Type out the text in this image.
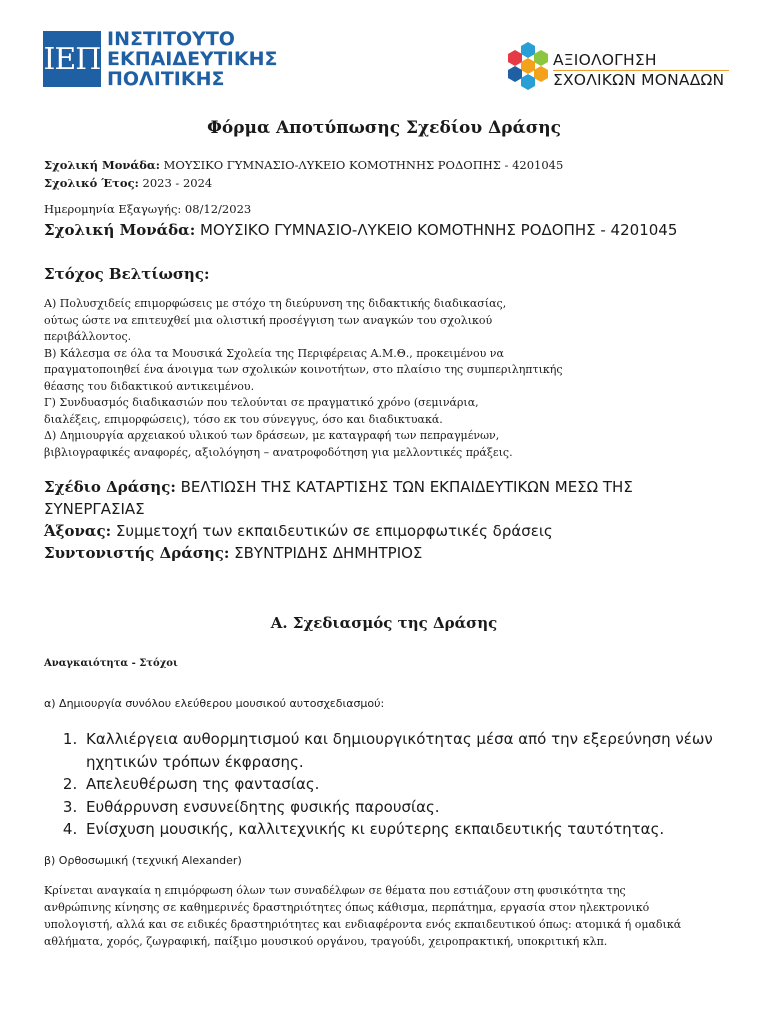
ΙΕΠ
ΙΝΣΤΙΤΟΥΤΟ
ΕΚΠΑΙΔΕΥΤΙΚΗΣ
ΠΟΛΙΤΙΚΗΣ
ΑΞΙΟΛΟΓΗΣΗ
ΣΧΟΛΙΚΩΝ ΜΟΝΑΔΩΝ
Φόρμα Αποτύπωσης Σχεδίου Δράσης
Σχολική Μονάδα: ΜΟΥΣΙΚΟ ΓΥΜΝΑΣΙΟ-ΛΥΚΕΙΟ ΚΟΜΟΤΗΝΗΣ ΡΟΔΟΠΗΣ - 4201045
Σχολικό Έτος: 2023 - 2024
Ημερομηνία Εξαγωγής: 08/12/2023
Σχολική Μονάδα: ΜΟΥΣΙΚΟ ΓΥΜΝΑΣΙΟ-ΛΥΚΕΙΟ ΚΟΜΟΤΗΝΗΣ ΡΟΔΟΠΗΣ - 4201045
Στόχος Βελτίωσης:
Α) Πολυσχιδείς επιμορφώσεις με στόχο τη διεύρυνση της διδακτικής διαδικασίας,
ούτως ώστε να επιτευχθεί μια ολιστική προσέγγιση των αναγκών του σχολικού
περιβάλλοντος.
Β) Κάλεσμα σε όλα τα Μουσικά Σχολεία της Περιφέρειας Α.Μ.Θ., προκειμένου να
πραγματοποιηθεί ένα άνοιγμα των σχολικών κοινοτήτων, στο πλαίσιο της συμπεριληπτικής
θέασης του διδακτικού αντικειμένου.
Γ) Συνδυασμός διαδικασιών που τελούνται σε πραγματικό χρόνο (σεμινάρια,
διαλέξεις, επιμορφώσεις), τόσο εκ του σύνεγγυς, όσο και διαδικτυακά.
Δ) Δημιουργία αρχειακού υλικού των δράσεων, με καταγραφή των πεπραγμένων,
βιβλιογραφικές αναφορές, αξιολόγηση – ανατροφοδότηση για μελλοντικές πράξεις.
Σχέδιο Δράσης: ΒΕΛΤΙΩΣΗ ΤΗΣ ΚΑΤΑΡΤΙΣΗΣ ΤΩΝ ΕΚΠΑΙΔΕΥΤΙΚΩΝ ΜΕΣΩ ΤΗΣ
ΣΥΝΕΡΓΑΣΙΑΣ
Άξονας: Συμμετοχή των εκπαιδευτικών σε επιμορφωτικές δράσεις
Συντονιστής Δράσης: ΣΒΥΝΤΡΙΔΗΣ ΔΗΜΗΤΡΙΟΣ
Α. Σχεδιασμός της Δράσης
Αναγκαιότητα - Στόχοι
α) Δημιουργία συνόλου ελεύθερου μουσικού αυτοσχεδιασμού:
1. Καλλιέργεια αυθορμητισμού και δημιουργικότητας μέσα από την εξερεύνηση νέων ηχητικών τρόπων έκφρασης.
2. Απελευθέρωση της φαντασίας.
3. Ευθάρρυνση ενσυνείδητης φυσικής παρουσίας.
4. Ενίσχυση μουσικής, καλλιτεχνικής κι ευρύτερης εκπαιδευτικής ταυτότητας.
β) Ορθοσωμική (τεχνική Alexander)
Κρίνεται αναγκαία η επιμόρφωση όλων των συναδέλφων σε θέματα που εστιάζουν στη φυσικότητα της
ανθρώπινης κίνησης σε καθημερινές δραστηριότητες όπως κάθισμα, περπάτημα, εργασία στον ηλεκτρονικό
υπολογιστή, αλλά και σε ειδικές δραστηριότητες και ενδιαφέροντα ενός εκπαιδευτικού όπως: ατομικά ή ομαδικά
αθλήματα, χορός, ζωγραφική, παίξιμο μουσικού οργάνου, τραγούδι, χειροπρακτική, υποκριτική κλπ.
